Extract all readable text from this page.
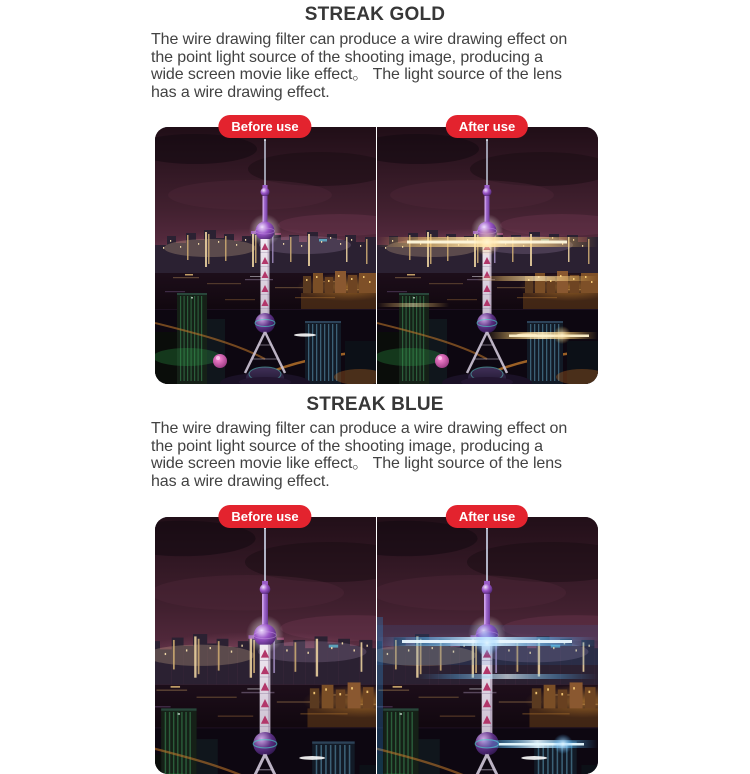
STREAK GOLD
The wire drawing filter can produce a wire drawing effect on
the point light source of the shooting image, producing a
wide screen movie like effect。 The light source of the lens
has a wire drawing effect.
Before use	After use
STREAK BLUE
The wire drawing filter can produce a wire drawing effect on
the point light source of the shooting image, producing a
wide screen movie like effect。 The light source of the lens
has a wire drawing effect.
Before use	After use
